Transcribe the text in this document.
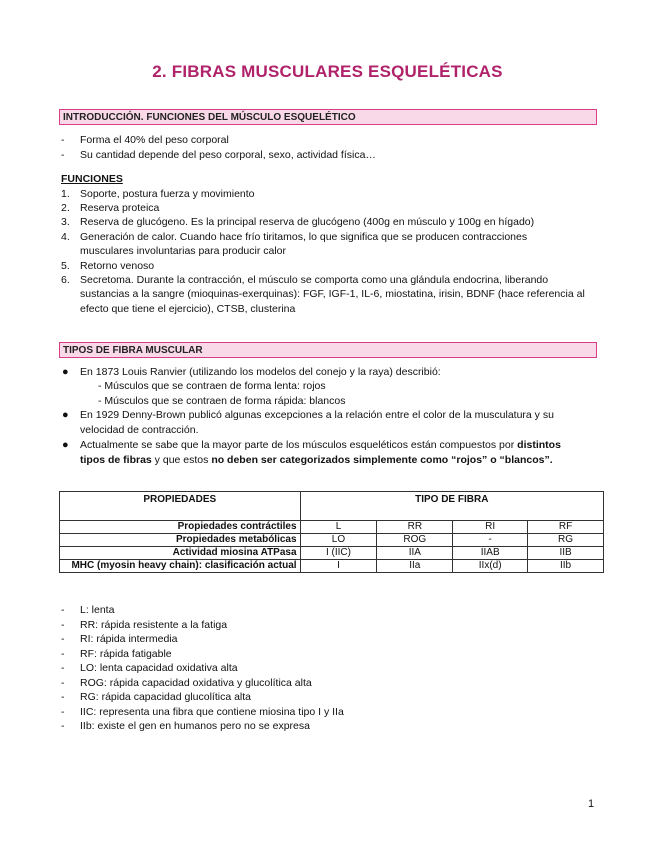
2. FIBRAS MUSCULARES ESQUELÉTICAS
INTRODUCCIÓN. FUNCIONES DEL MÚSCULO ESQUELÉTICO
- Forma el 40% del peso corporal
- Su cantidad depende del peso corporal, sexo, actividad física…
FUNCIONES
1. Soporte, postura fuerza y movimiento
2. Reserva proteica
3. Reserva de glucógeno. Es la principal reserva de glucógeno (400g en músculo y 100g en hígado)
4. Generación de calor. Cuando hace frío tiritamos, lo que significa que se producen contracciones
musculares involuntarias para producir calor
5. Retorno venoso
6. Secretoma. Durante la contracción, el músculo se comporta como una glándula endocrina, liberando
sustancias a la sangre (mioquinas-exerquinas): FGF, IGF-1, IL-6, miostatina, irisin, BDNF (hace referencia al
efecto que tiene el ejercicio), CTSB, clusterina
TIPOS DE FIBRA MUSCULAR
● En 1873 Louis Ranvier (utilizando los modelos del conejo y la raya) describió:
- Músculos que se contraen de forma lenta: rojos
- Músculos que se contraen de forma rápida: blancos
● En 1929 Denny-Brown publicó algunas excepciones a la relación entre el color de la musculatura y su
velocidad de contracción.
● Actualmente se sabe que la mayor parte de los músculos esqueléticos están compuestos por distintos
tipos de fibras y que estos no deben ser categorizados simplemente como “rojos” o “blancos”.
PROPIEDADES	TIPO DE FIBRA			
Propiedades contráctiles	L	RR	RI	RF
Propiedades metabólicas	LO	ROG	-	RG
Actividad miosina ATPasa	I (IIC)	IIA	IIAB	IIB
MHC (myosin heavy chain): clasificación actual	I	IIa	IIx(d)	IIb
- L: lenta
- RR: rápida resistente a la fatiga
- RI: rápida intermedia
- RF: rápida fatigable
- LO: lenta capacidad oxidativa alta
- ROG: rápida capacidad oxidativa y glucolítica alta
- RG: rápida capacidad glucolítica alta
- IIC: representa una fibra que contiene miosina tipo I y IIa
- IIb: existe el gen en humanos pero no se expresa
1
